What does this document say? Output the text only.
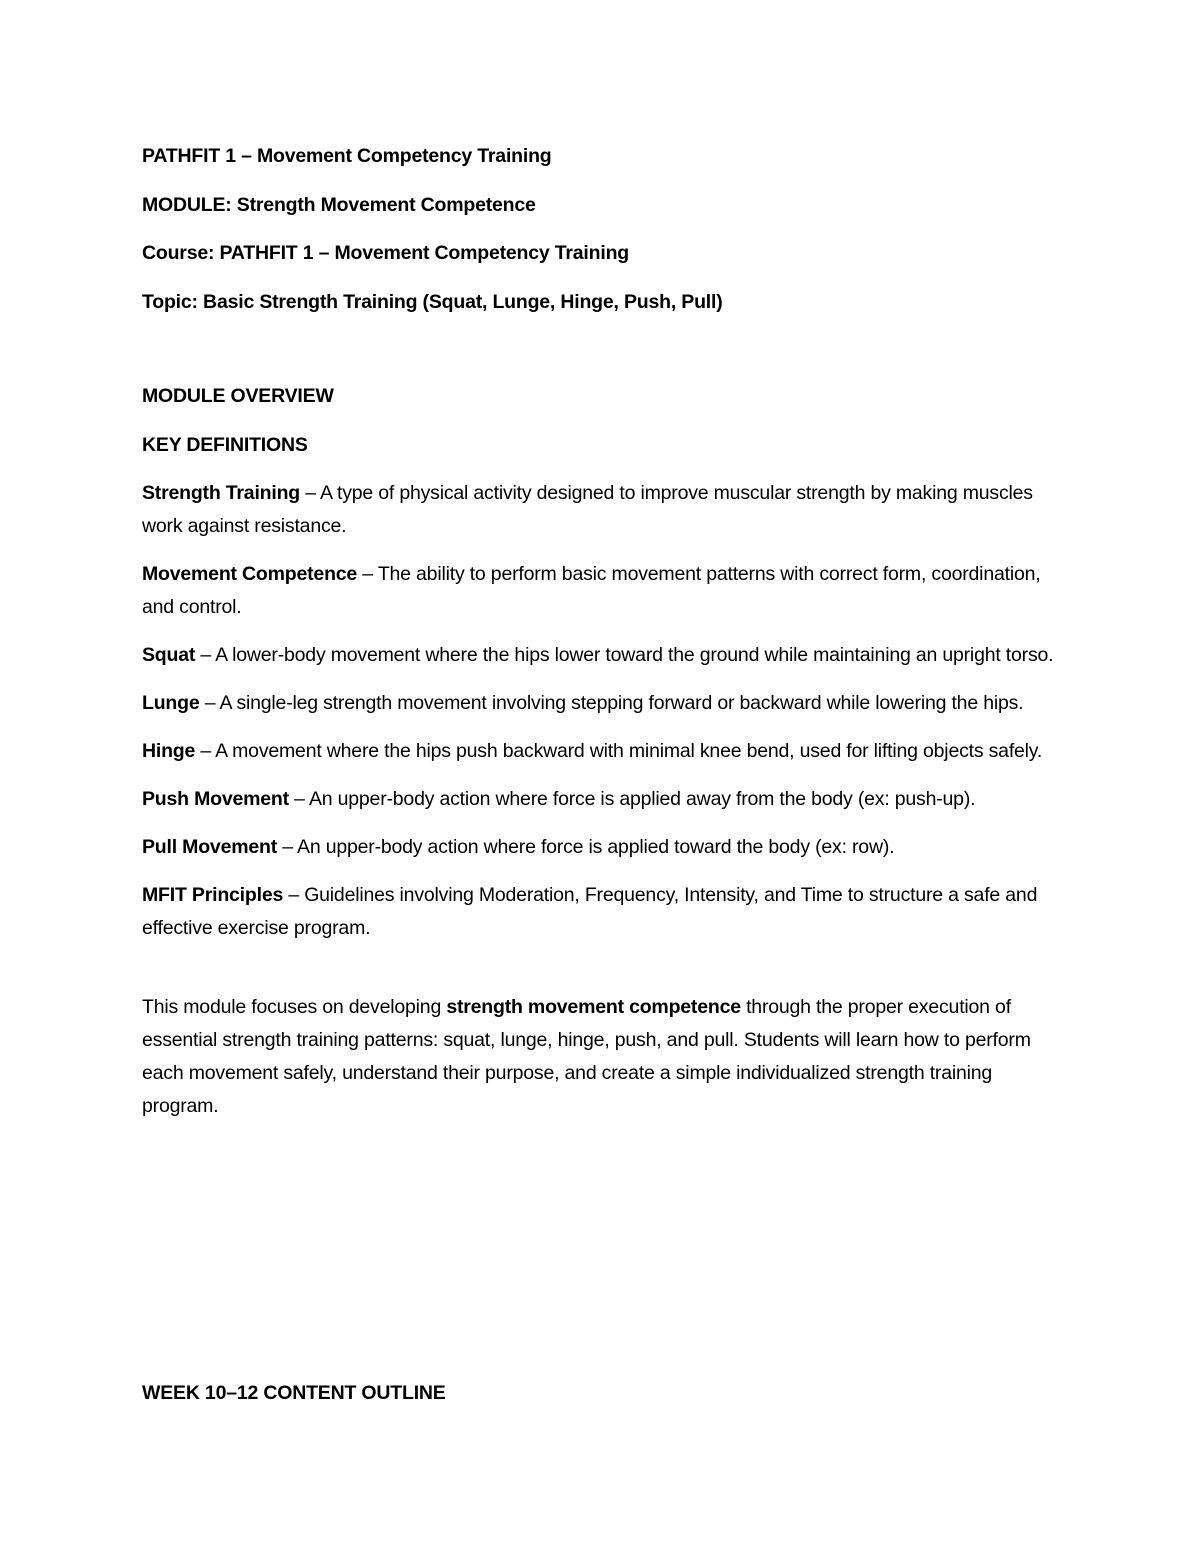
PATHFIT 1 – Movement Competency Training

MODULE: Strength Movement Competence

Course: PATHFIT 1 – Movement Competency Training

Topic: Basic Strength Training (Squat, Lunge, Hinge, Push, Pull)

MODULE OVERVIEW

KEY DEFINITIONS

Strength Training – A type of physical activity designed to improve muscular strength by making muscles work against resistance.

Movement Competence – The ability to perform basic movement patterns with correct form, coordination, and control.

Squat – A lower-body movement where the hips lower toward the ground while maintaining an upright torso.

Lunge – A single-leg strength movement involving stepping forward or backward while lowering the hips.

Hinge – A movement where the hips push backward with minimal knee bend, used for lifting objects safely.

Push Movement – An upper-body action where force is applied away from the body (ex: push-up).

Pull Movement – An upper-body action where force is applied toward the body (ex: row).

MFIT Principles – Guidelines involving Moderation, Frequency, Intensity, and Time to structure a safe and effective exercise program.

This module focuses on developing strength movement competence through the proper execution of essential strength training patterns: squat, lunge, hinge, push, and pull. Students will learn how to perform each movement safely, understand their purpose, and create a simple individualized strength training program.

WEEK 10–12 CONTENT OUTLINE
